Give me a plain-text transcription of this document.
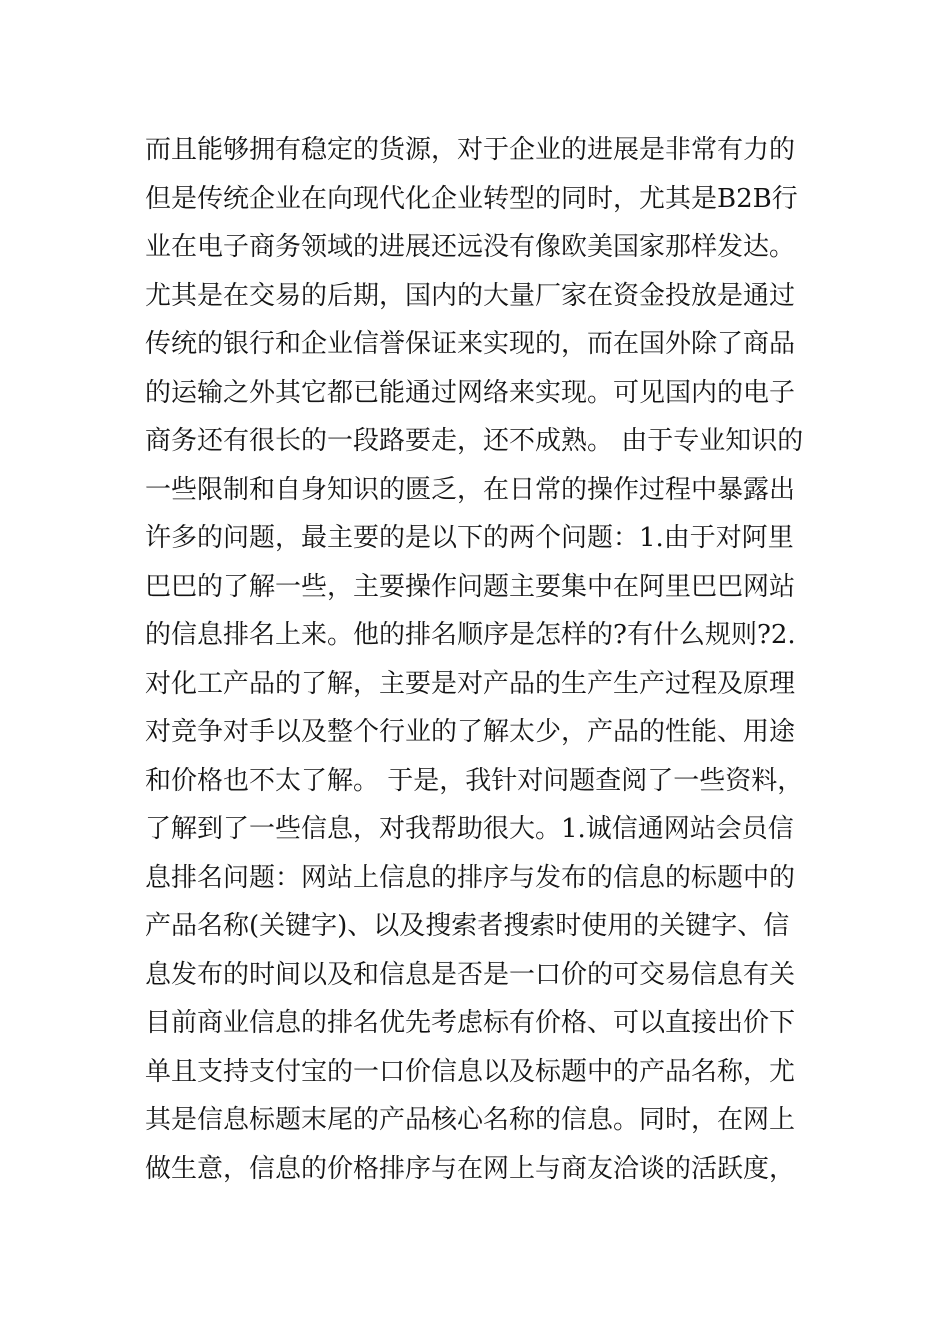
而且能够拥有稳定的货源，对于企业的进展是非常有力的
但是传统企业在向现代化企业转型的同时，尤其是B2B行
业在电子商务领域的进展还远没有像欧美国家那样发达。
尤其是在交易的后期，国内的大量厂家在资金投放是通过
传统的银行和企业信誉保证来实现的，而在国外除了商品
的运输之外其它都已能通过网络来实现。可见国内的电子
商务还有很长的一段路要走，还不成熟。 由于专业知识的
一些限制和自身知识的匮乏，在日常的操作过程中暴露出
许多的问题，最主要的是以下的两个问题：1.由于对阿里
巴巴的了解一些，主要操作问题主要集中在阿里巴巴网站
的信息排名上来。他的排名顺序是怎样的?有什么规则?2.
对化工产品的了解，主要是对产品的生产生产过程及原理
对竞争对手以及整个行业的了解太少，产品的性能、用途
和价格也不太了解。 于是，我针对问题查阅了一些资料，
了解到了一些信息，对我帮助很大。1.诚信通网站会员信
息排名问题：网站上信息的排序与发布的信息的标题中的
产品名称(关键字)、以及搜索者搜索时使用的关键字、信
息发布的时间以及和信息是否是一口价的可交易信息有关
目前商业信息的排名优先考虑标有价格、可以直接出价下
单且支持支付宝的一口价信息以及标题中的产品名称，尤
其是信息标题末尾的产品核心名称的信息。同时，在网上
做生意，信息的价格排序与在网上与商友洽谈的活跃度，
